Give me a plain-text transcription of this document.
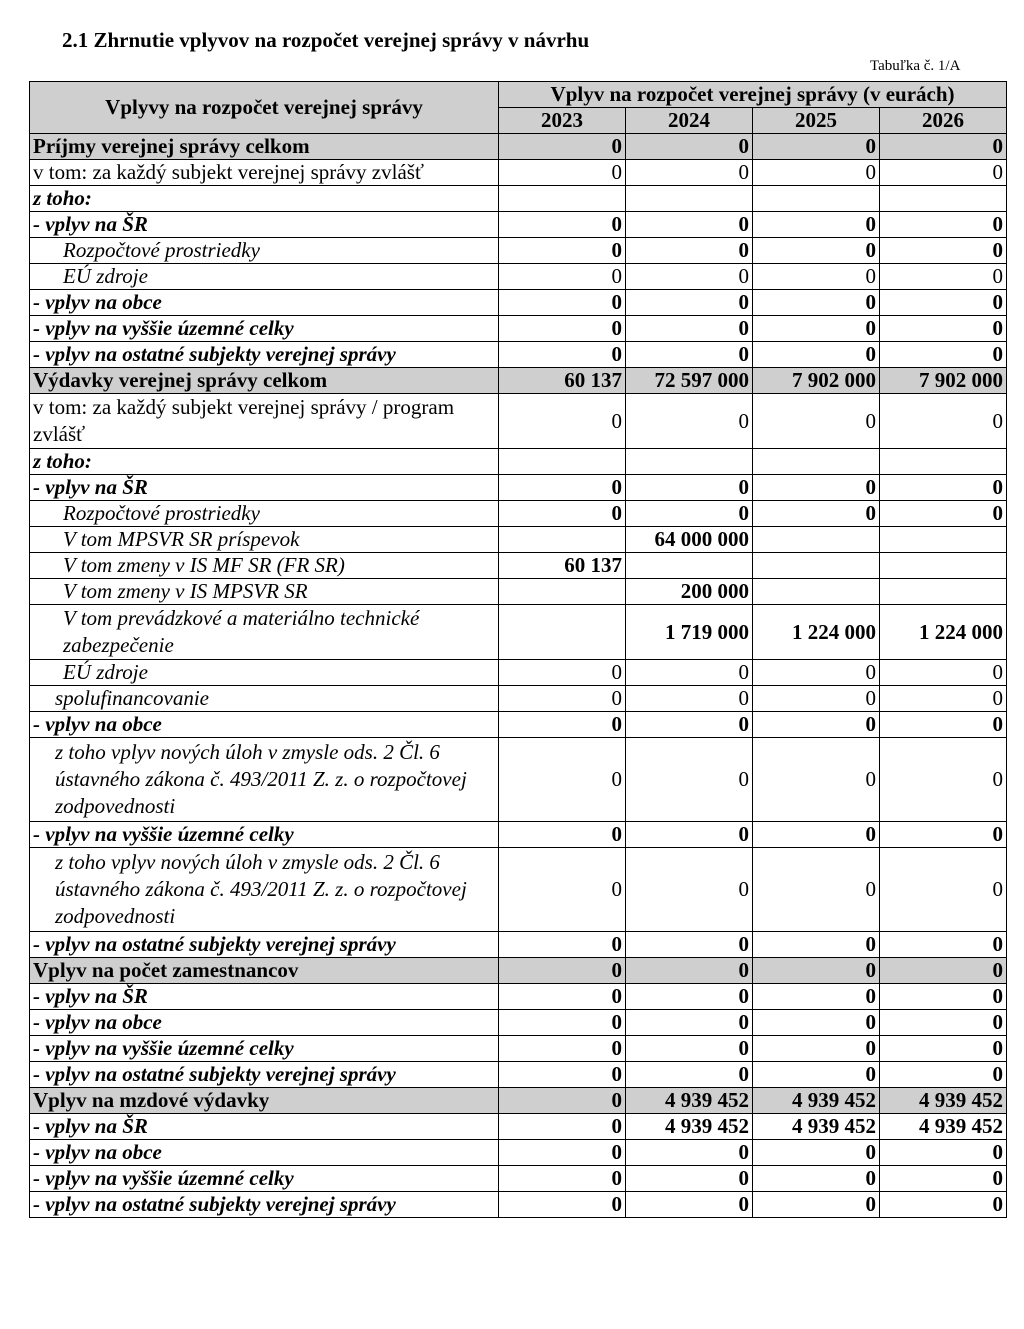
2.1 Zhrnutie vplyvov na rozpočet verejnej správy v návrhu
Tabuľka č. 1/A
Vplyvy na rozpočet verejnej správy	Vplyv na rozpočet verejnej správy (v eurách)			
	2023	2024	2025	2026
Príjmy verejnej správy celkom	0	0	0	0
v tom: za každý subjekt verejnej správy zvlášť	0	0	0	0
z toho:				
- vplyv na ŠR	0	0	0	0
Rozpočtové prostriedky	0	0	0	0
EÚ zdroje	0	0	0	0
- vplyv na obce	0	0	0	0
- vplyv na vyššie územné celky	0	0	0	0
- vplyv na ostatné subjekty verejnej správy	0	0	0	0
Výdavky verejnej správy celkom	60 137	72 597 000	7 902 000	7 902 000
v tom: za každý subjekt verejnej správy / program zvlášť	0	0	0	0
z toho:				
- vplyv na ŠR	0	0	0	0
Rozpočtové prostriedky	0	0	0	0
V tom MPSVR SR príspevok		64 000 000		
V tom zmeny v IS MF SR (FR SR)	60 137			
V tom zmeny v IS MPSVR SR		200 000		
V tom prevádzkové a materiálno technické zabezpečenie		1 719 000	1 224 000	1 224 000
EÚ zdroje	0	0	0	0
spolufinancovanie	0	0	0	0
- vplyv na obce	0	0	0	0
z toho vplyv nových úloh v zmysle ods. 2 Čl. 6 ústavného zákona č. 493/2011 Z. z. o rozpočtovej zodpovednosti	0	0	0	0
- vplyv na vyššie územné celky	0	0	0	0
z toho vplyv nových úloh v zmysle ods. 2 Čl. 6 ústavného zákona č. 493/2011 Z. z. o rozpočtovej zodpovednosti	0	0	0	0
- vplyv na ostatné subjekty verejnej správy	0	0	0	0
Vplyv na počet zamestnancov	0	0	0	0
- vplyv na ŠR	0	0	0	0
- vplyv na obce	0	0	0	0
- vplyv na vyššie územné celky	0	0	0	0
- vplyv na ostatné subjekty verejnej správy	0	0	0	0
Vplyv na mzdové výdavky	0	4 939 452	4 939 452	4 939 452
- vplyv na ŠR	0	4 939 452	4 939 452	4 939 452
- vplyv na obce	0	0	0	0
- vplyv na vyššie územné celky	0	0	0	0
- vplyv na ostatné subjekty verejnej správy	0	0	0	0
